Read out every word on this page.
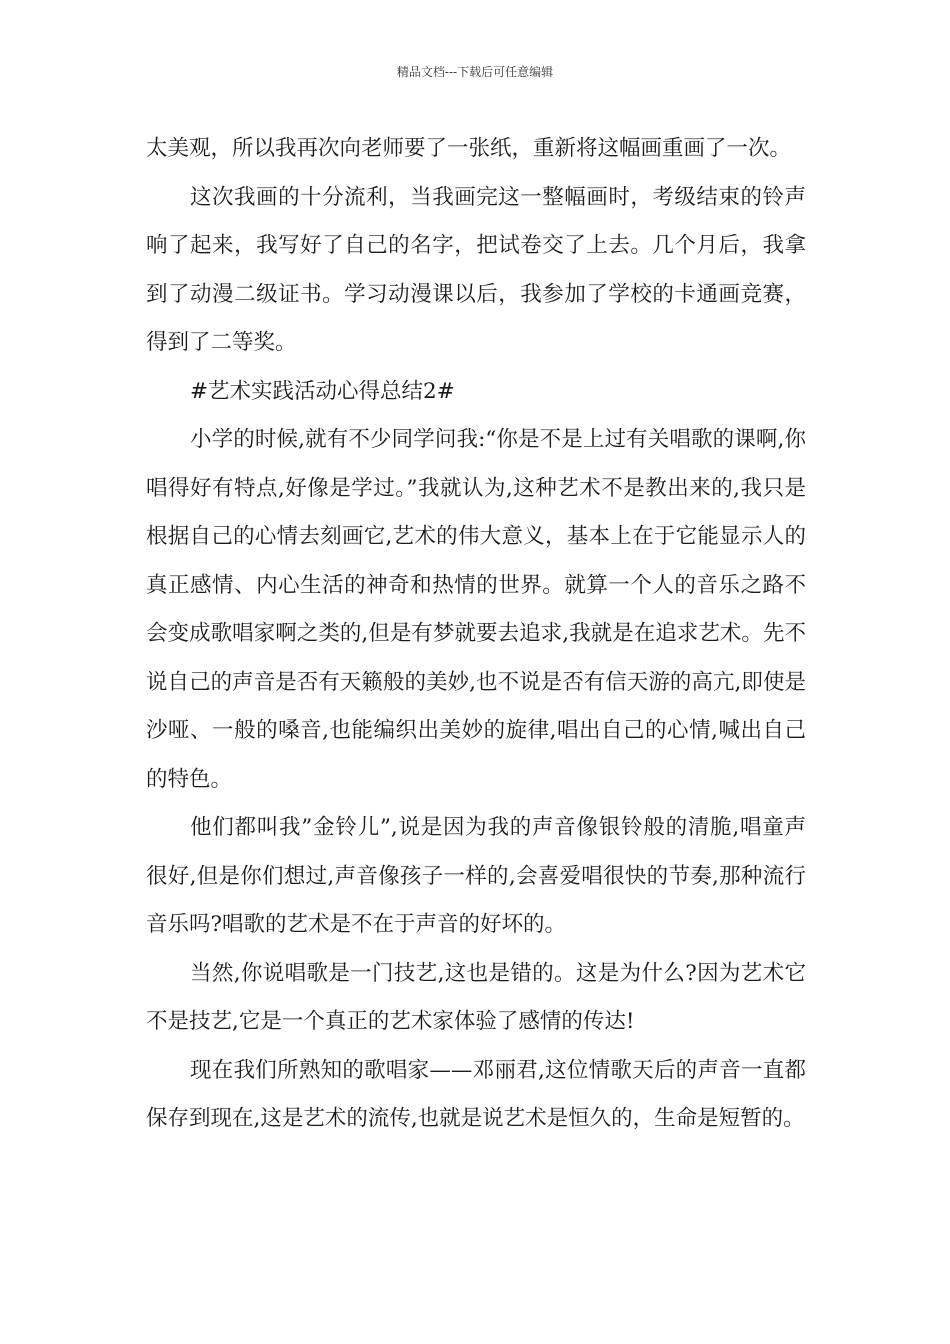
精品文档---下载后可任意编辑

太美观，所以我再次向老师要了一张纸，重新将这幅画重画了一次。

这次我画的十分流利，当我画完这一整幅画时，考级结束的铃声响了起来，我写好了自己的名字，把试卷交了上去。几个月后，我拿到了动漫二级证书。学习动漫课以后，我参加了学校的卡通画竞赛，得到了二等奖。

#艺术实践活动心得总结2#

小学的时候,就有不少同学问我:“你是不是上过有关唱歌的课啊,你唱得好有特点,好像是学过。”我就认为,这种艺术不是教出来的,我只是根据自己的心情去刻画它,艺术的伟大意义，基本上在于它能显示人的真正感情、内心生活的神奇和热情的世界。就算一个人的音乐之路不会变成歌唱家啊之类的,但是有梦就要去追求,我就是在追求艺术。先不说自己的声音是否有天籁般的美妙,也不说是否有信天游的高亢,即使是沙哑、一般的嗓音,也能编织出美妙的旋律,唱出自己的心情,喊出自己的特色。

他们都叫我”金铃儿”,说是因为我的声音像银铃般的清脆,唱童声很好,但是你们想过,声音像孩子一样的,会喜爱唱很快的节奏,那种流行音乐吗?唱歌的艺术是不在于声音的好坏的。

当然,你说唱歌是一门技艺,这也是错的。这是为什么?因为艺术它不是技艺,它是一个真正的艺术家体验了感情的传达!

现在我们所熟知的歌唱家——邓丽君,这位情歌天后的声音一直都保存到现在,这是艺术的流传,也就是说艺术是恒久的，生命是短暂的。
